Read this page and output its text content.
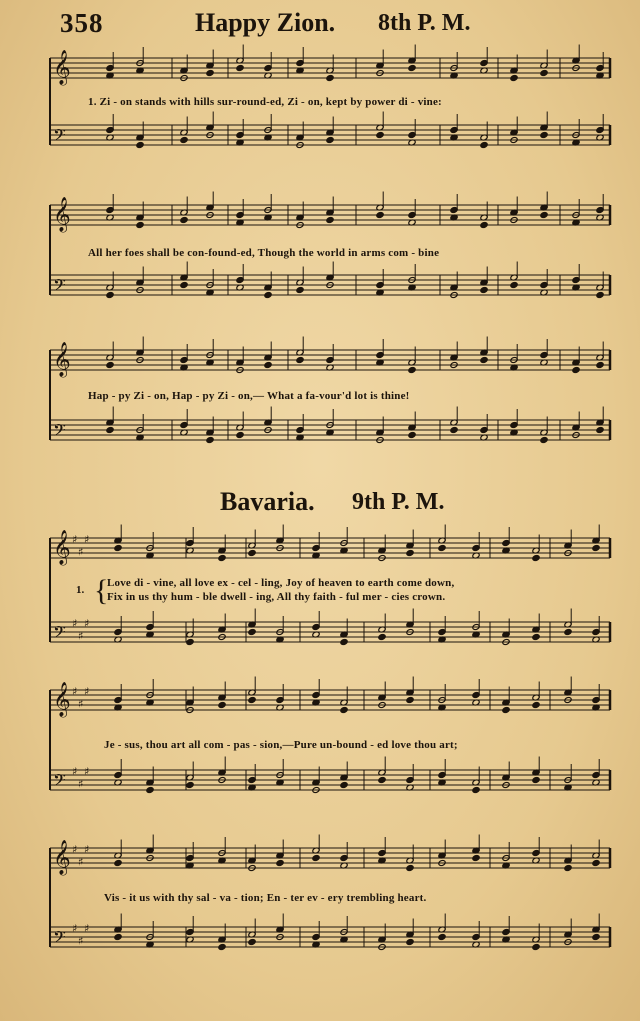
358	Happy Zion. 8th P. M.
Bavaria. 9th P. M.
𝄞
𝄢
𝄞
𝄢
𝄞
𝄢
𝄞 ♯
♯
♯
𝄢 ♯
♯
♯
𝄞 ♯
♯
♯
𝄢 ♯
♯
♯
𝄞 ♯
♯
♯
𝄢 ♯
♯
♯
1. Zi - on stands with hills sur-round-ed, Zi - on, kept by power di - vine:
All her foes shall be con-found-ed, Though the world in arms com - bine
Hap - py Zi - on, Hap - py Zi - on,— What a fa-vour'd lot is thine!
1. {
Love di - vine, all love ex - cel - ling, Joy of heaven to earth come down,
Fix in us thy hum - ble dwell - ing, All thy faith - ful mer - cies crown.
Je - sus, thou art all com - pas - sion,—Pure un-bound - ed love thou art;
Vis - it us with thy sal - va - tion; En - ter ev - ery trembling heart.
